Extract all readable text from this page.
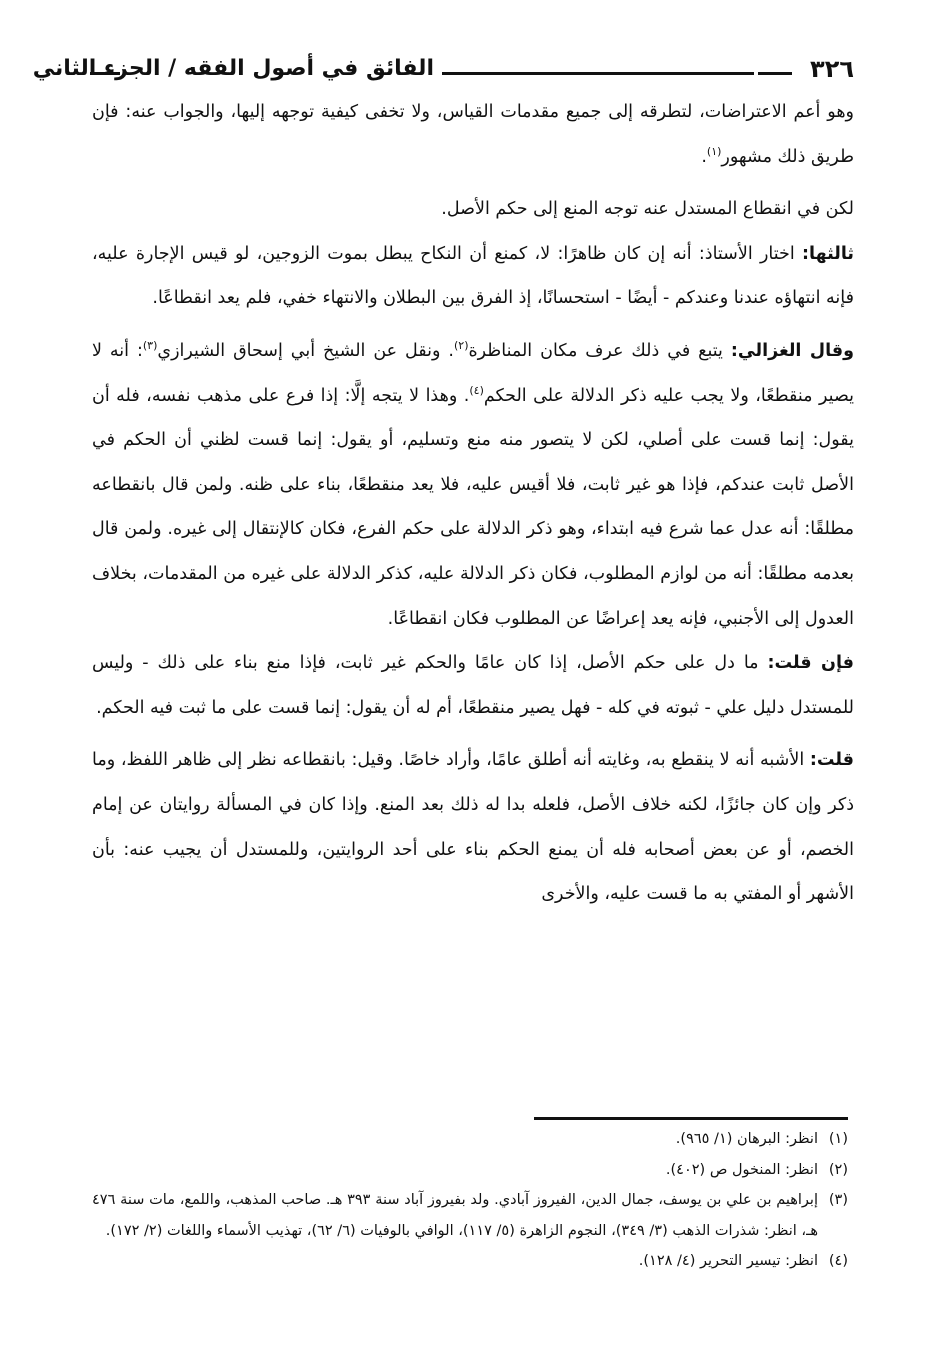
٣٢٦
الفائق في أصول الفقه / الجزء الثاني

وهو أعم الاعتراضات، لتطرقه إلى جميع مقدمات القياس، ولا تخفى كيفية توجهه إليها، والجواب عنه: فإن طريق ذلك مشهور$^{(١)}$.

لكن في انقطاع المستدل عنه توجه المنع إلى حكم الأصل.

ثالثها: اختار الأستاذ: أنه إن كان ظاهرًا: لا، كمنع أن النكاح يبطل بموت الزوجين، لو قيس الإجارة عليه، فإنه انتهاؤه عندنا وعندكم - أيضًا - استحسانًا، إذ الفرق بين البطلان والانتهاء خفي، فلم يعد انقطاعًا.

وقال الغزالي: يتبع في ذلك عرف مكان المناظرة$^{(٢)}$. ونقل عن الشيخ أبي إسحاق الشيرازي$^{(٣)}$: أنه لا يصير منقطعًا، ولا يجب عليه ذكر الدلالة على الحكم$^{(٤)}$. وهذا لا يتجه إلَّا: إذا فرع على مذهب نفسه، فله أن يقول: إنما قست على أصلي، لكن لا يتصور منه منع وتسليم، أو يقول: إنما قست لظني أن الحكم في الأصل ثابت عندكم، فإذا هو غير ثابت، فلا أقيس عليه، فلا يعد منقطعًا، بناء على ظنه. ولمن قال بانقطاعه مطلقًا: أنه عدل عما شرع فيه ابتداء، وهو ذكر الدلالة على حكم الفرع، فكان كالإنتقال إلى غيره. ولمن قال بعدمه مطلقًا: أنه من لوازم المطلوب، فكان ذكر الدلالة عليه، كذكر الدلالة على غيره من المقدمات، بخلاف العدول إلى الأجنبي، فإنه يعد إعراضًا عن المطلوب فكان انقطاعًا.

فإن قلت: ما دل على حكم الأصل، إذا كان عامًا والحكم غير ثابت، فإذا منع بناء على ذلك - وليس للمستدل دليل علي - ثبوته في كله - فهل يصير منقطعًا، أم له أن يقول: إنما قست على ما ثبت فيه الحكم.

قلت: الأشبه أنه لا ينقطع به، وغايته أنه أطلق عامًا، وأراد خاصًا. وقيل: بانقطاعه نظر إلى ظاهر اللفظ، وما ذكر وإن كان جائزًا، لكنه خلاف الأصل، فلعله بدا له ذلك بعد المنع. وإذا كان في المسألة روايتان عن إمام الخصم، أو عن بعض أصحابه فله أن يمنع الحكم بناء على أحد الروايتين، وللمستدل أن يجيب عنه: بأن الأشهر أو المفتي به ما قست عليه، والأخرى

(١)
انظر: البرهان (١/ ٩٦٥).

(٢)
انظر: المنخول ص (٤٠٢).

(٣)
إبراهيم بن علي بن يوسف، جمال الدين، الفيروز آبادي. ولد بفيروز آباد سنة ٣٩٣ هـ. صاحب المذهب، واللمع، مات سنة ٤٧٦ هـ، انظر: شذرات الذهب (٣/ ٣٤٩)، النجوم الزاهرة (٥/ ١١٧)، الوافي بالوفيات (٦/ ٦٢)، تهذيب الأسماء واللغات (٢/ ١٧٢).

(٤)
انظر: تيسير التحرير (٤/ ١٢٨).
